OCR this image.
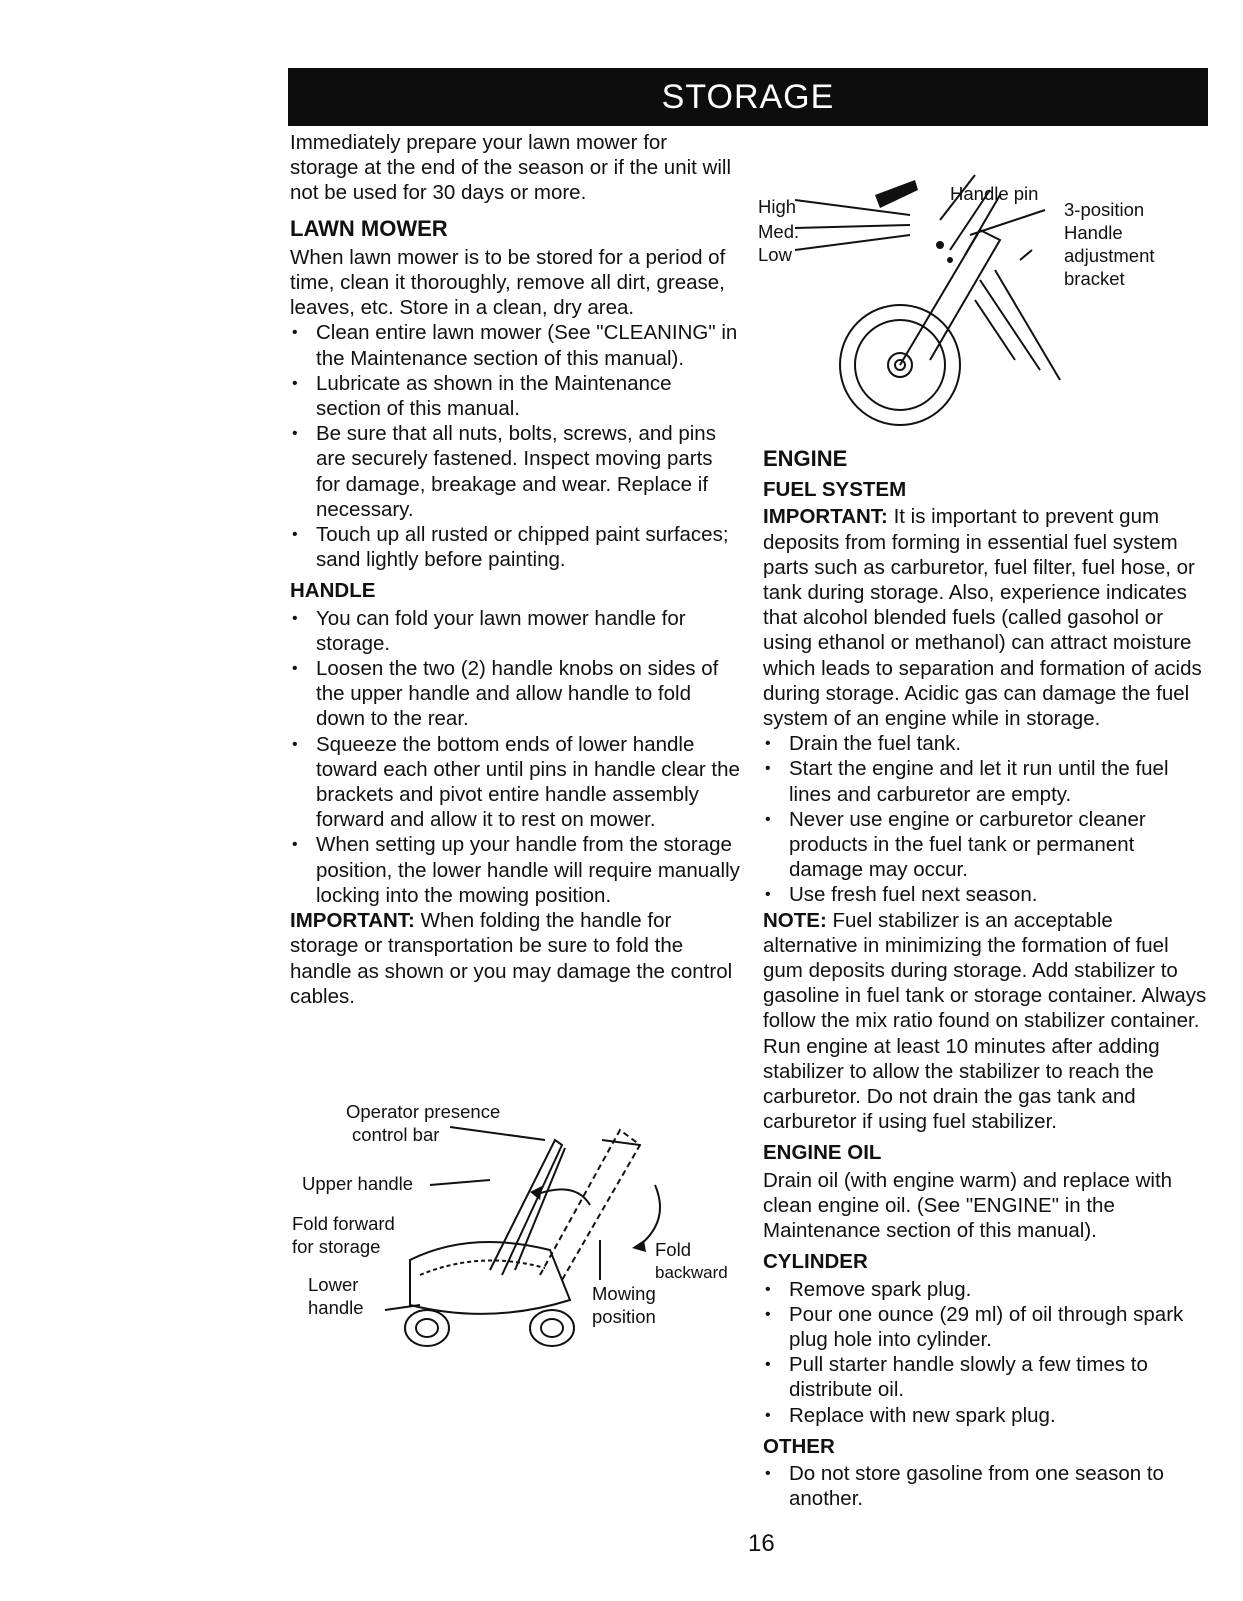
STORAGE

Immediately prepare your lawn mower for storage at the end of the season or if the unit will not be used for 30 days or more.

LAWN MOWER

When lawn mower is to be stored for a period of time, clean it thoroughly, remove all dirt, grease, leaves, etc. Store in a clean, dry area.

• Clean entire lawn mower (See "CLEANING" in the Maintenance section of this manual).
• Lubricate as shown in the Maintenance section of this manual.
• Be sure that all nuts, bolts, screws, and pins are securely fastened. Inspect moving parts for damage, breakage and wear. Replace if necessary.
• Touch up all rusted or chipped paint surfaces; sand lightly before painting.
HANDLE
• You can fold your lawn mower handle for storage.
• Loosen the two (2) handle knobs on sides of the upper handle and allow handle to fold down to the rear.
• Squeeze the bottom ends of lower handle toward each other until pins in handle clear the brackets and pivot entire handle assembly forward and allow it to rest on mower.
• When setting up your handle from the storage position, the lower handle will require manually locking into the mowing position.

IMPORTANT: When folding the handle for storage or transportation be sure to fold the handle as shown or you may damage the control cables.

Operator presence
control bar
Upper handle
Fold forward
for storage
Lower
handle
Fold
backward
Mowing
position
High
Med.
Low
Handle pin
3-position
Handle
adjustment
bracket
ENGINE
FUEL SYSTEM

IMPORTANT: It is important to prevent gum deposits from forming in essential fuel system parts such as carburetor, fuel filter, fuel hose, or tank during storage. Also, experience indicates that alcohol blended fuels (called gasohol or using ethanol or methanol) can attract moisture which leads to separation and formation of acids during storage. Acidic gas can damage the fuel system of an engine while in storage.

• Drain the fuel tank.
• Start the engine and let it run until the fuel lines and carburetor are empty.
• Never use engine or carburetor cleaner products in the fuel tank or permanent damage may occur.
• Use fresh fuel next season.

NOTE: Fuel stabilizer is an acceptable alternative in minimizing the formation of fuel gum deposits during storage. Add stabilizer to gasoline in fuel tank or storage container. Always follow the mix ratio found on stabilizer container. Run engine at least 10 minutes after adding stabilizer to allow the stabilizer to reach the carburetor. Do not drain the gas tank and carburetor if using fuel stabilizer.

ENGINE OIL

Drain oil (with engine warm) and replace with clean engine oil. (See "ENGINE" in the Maintenance section of this manual).

CYLINDER
• Remove spark plug.
• Pour one ounce (29 ml) of oil through spark plug hole into cylinder.
• Pull starter handle slowly a few times to distribute oil.
• Replace with new spark plug.
OTHER
• Do not store gasoline from one season to another.
16
